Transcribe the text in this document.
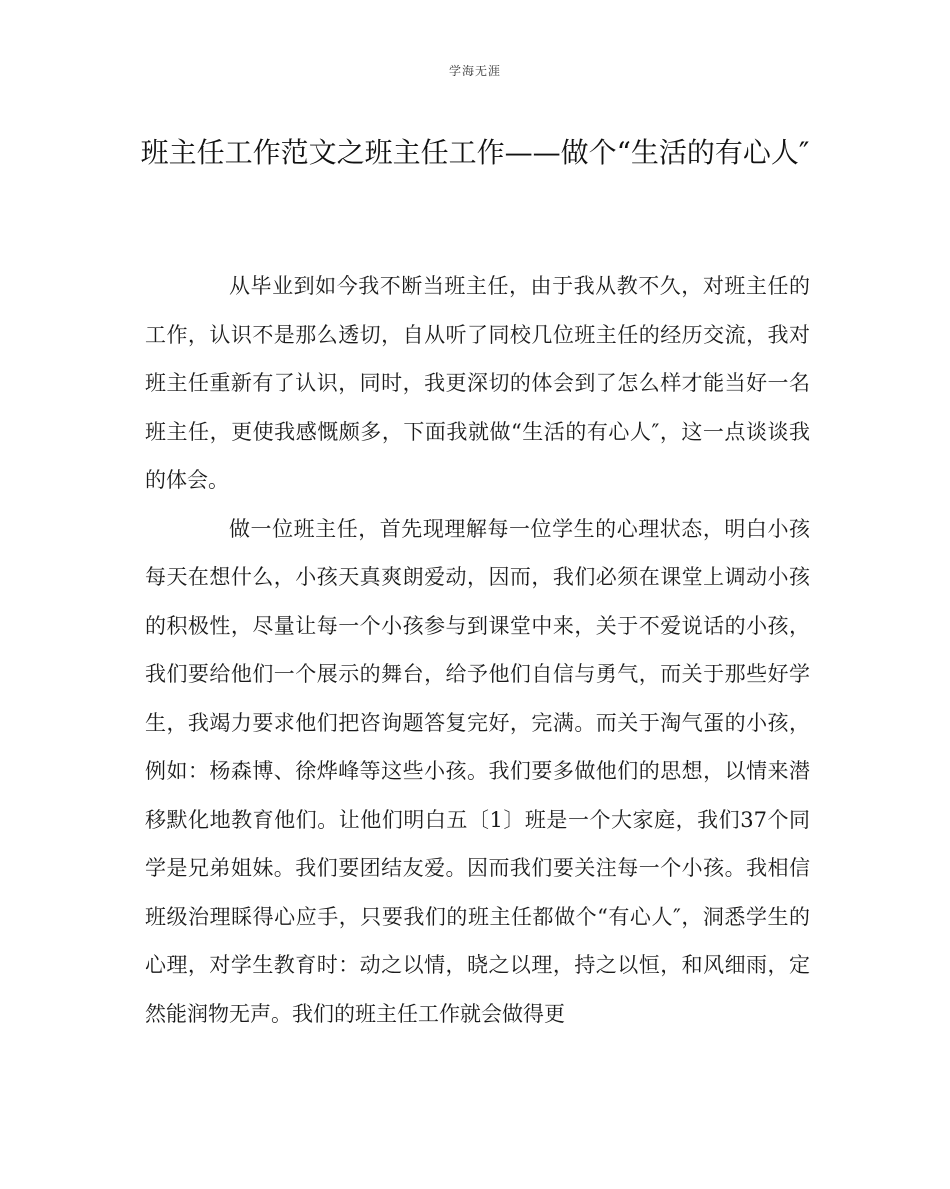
学海无涯
班主任工作范文之班主任工作——做个“生活的有心人″

从毕业到如今我不断当班主任，由于我从教不久，对班主任的工作，认识不是那么透切，自从听了同校几位班主任的经历交流，我对班主任重新有了认识，同时，我更深切的体会到了怎么样才能当好一名班主任，更使我感慨颇多，下面我就做“生活的有心人″，这一点谈谈我的体会。

做一位班主任，首先现理解每一位学生的心理状态，明白小孩每天在想什么，小孩天真爽朗爱动，因而，我们必须在课堂上调动小孩的积极性，尽量让每一个小孩参与到课堂中来，关于不爱说话的小孩，我们要给他们一个展示的舞台，给予他们自信与勇气，而关于那些好学生，我竭力要求他们把咨询题答复完好，完满。而关于淘气蛋的小孩，例如：杨森博、徐烨峰等这些小孩。我们要多做他们的思想，以情来潜移默化地教育他们。让他们明白五〔1〕班是一个大家庭，我们37个同学是兄弟姐妹。我们要团结友爱。因而我们要关注每一个小孩。我相信班级治理睬得心应手，只要我们的班主任都做个“有心人″，洞悉学生的心理，对学生教育时：动之以情，晓之以理，持之以恒，和风细雨，定然能润物无声。我们的班主任工作就会做得更
